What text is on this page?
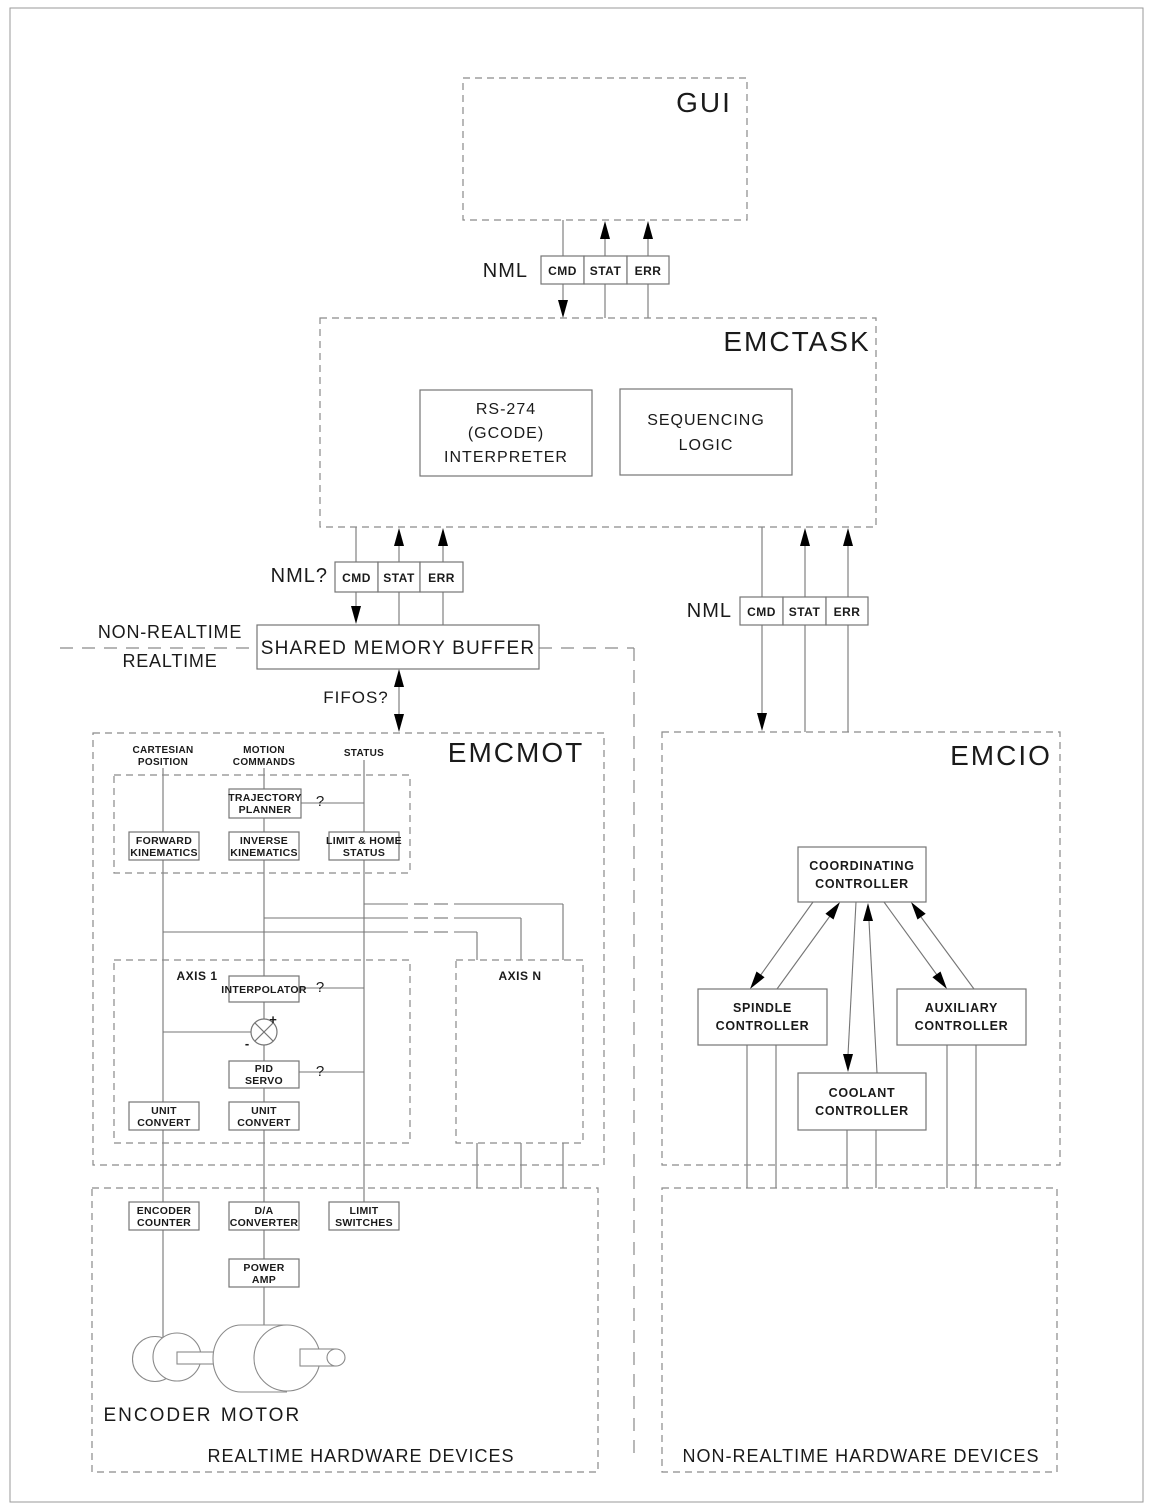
+
-
GUI
NML CMD STAT ERR
EMCTASK
RS-274
(GCODE)
INTERPRETER
SEQUENCING
LOGIC
NML? CMD STAT ERR
NML CMD STAT ERR
NON-REALTIME
REALTIME
SHARED MEMORY BUFFER
FIFOS?
EMCMOT
CARTESIAN
POSITION
MOTION
COMMANDS
STATUS
TRAJECTORY
PLANNER ?
FORWARD
KINEMATICS
INVERSE
KINEMATICS
LIMIT & HOME
STATUS
AXIS 1	AXIS N
INTERPOLATOR ?
PID
SERVO
?
UNIT
CONVERT
UNIT
CONVERT
EMCIO
COORDINATING
CONTROLLER
SPINDLE
CONTROLLER
AUXILIARY
CONTROLLER
COOLANT
CONTROLLER
ENCODER
COUNTER
D/A
CONVERTER
LIMIT
SWITCHES
POWER
AMP
ENCODER MOTOR
REALTIME HARDWARE DEVICES	NON-REALTIME HARDWARE DEVICES
